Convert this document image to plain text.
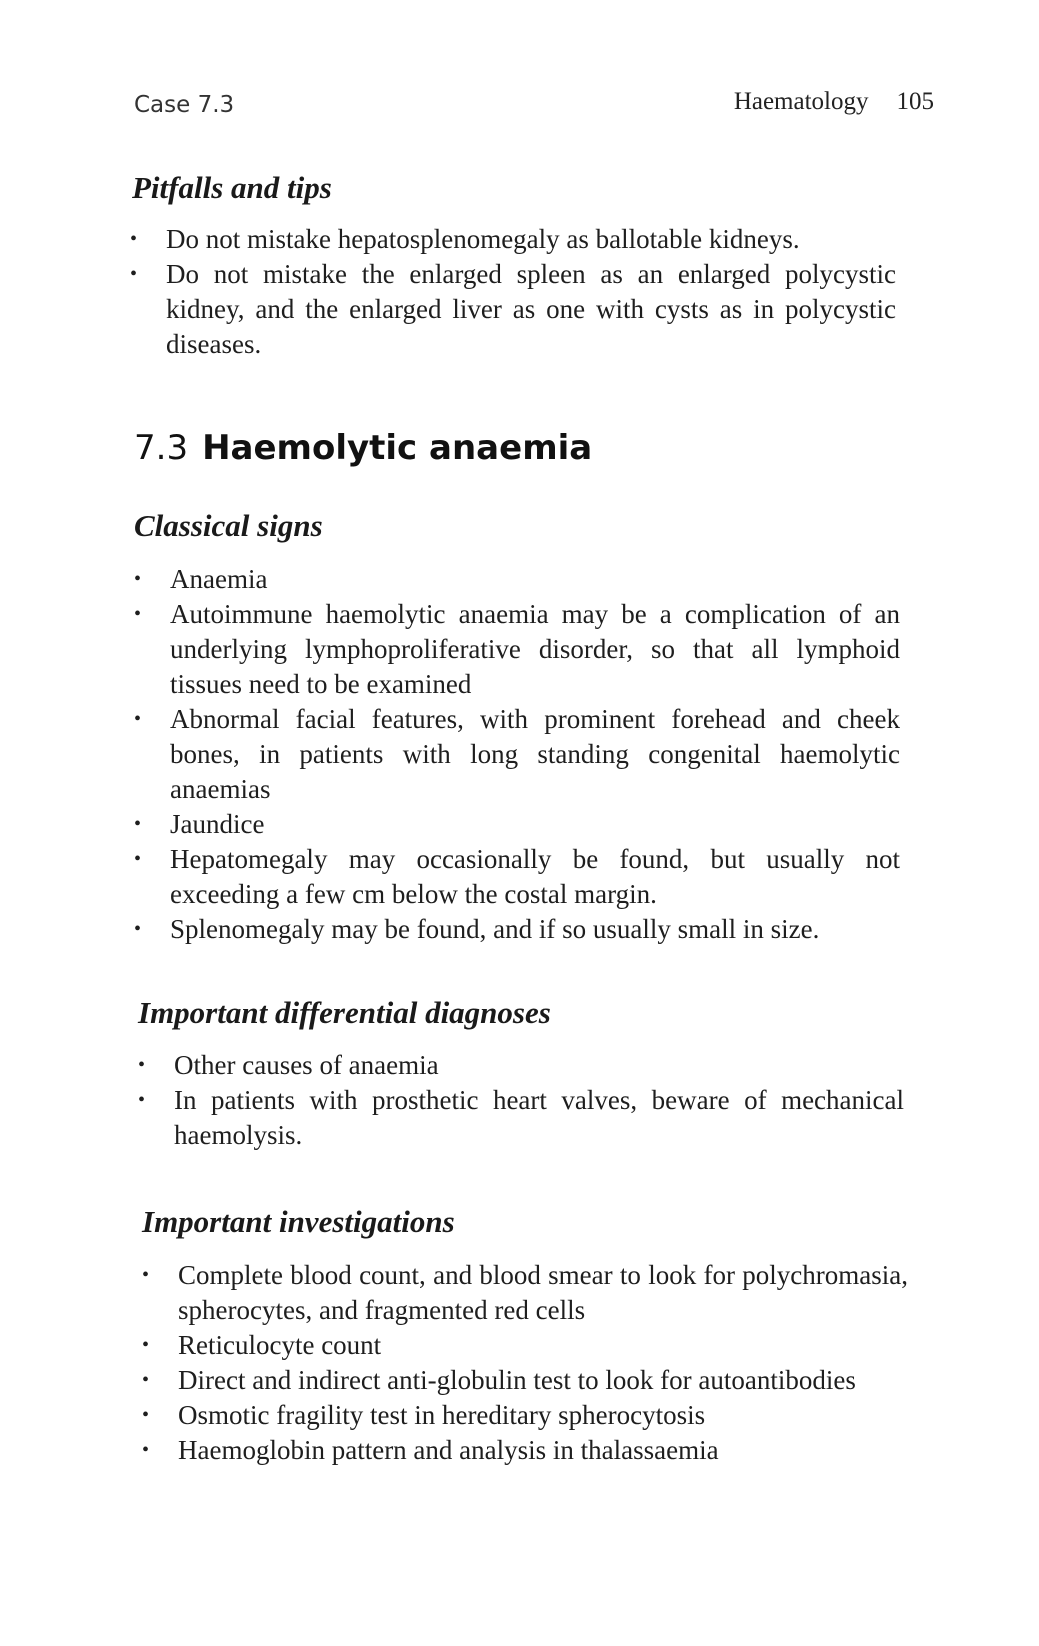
Case 7.3	Haematology 105
Pitfalls and tips
•	Do not mistake hepatosplenomegaly as ballotable kidneys.
•	Do not mistake the enlarged spleen as an enlarged polycystic kidney, and the enlarged liver as one with cysts as in polycystic diseases.
7.3 Haemolytic anaemia
Classical signs
•	Anaemia
•	Autoimmune haemolytic anaemia may be a complication of an underlying lymphoproliferative disorder, so that all lymphoid tissues need to be examined
•	Abnormal facial features, with prominent forehead and cheek bones, in patients with long standing congenital haemolytic anaemias
•	Jaundice
•	Hepatomegaly may occasionally be found, but usually not exceeding a few cm below the costal margin.
•	Splenomegaly may be found, and if so usually small in size.
Important differential diagnoses
•	Other causes of anaemia
•	In patients with prosthetic heart valves, beware of mechanical haemolysis.
Important investigations
•	Complete blood count, and blood smear to look for polychromasia, spherocytes, and fragmented red cells
•	Reticulocyte count
•	Direct and indirect anti-globulin test to look for autoantibodies
•	Osmotic fragility test in hereditary spherocytosis
•	Haemoglobin pattern and analysis in thalassaemia
